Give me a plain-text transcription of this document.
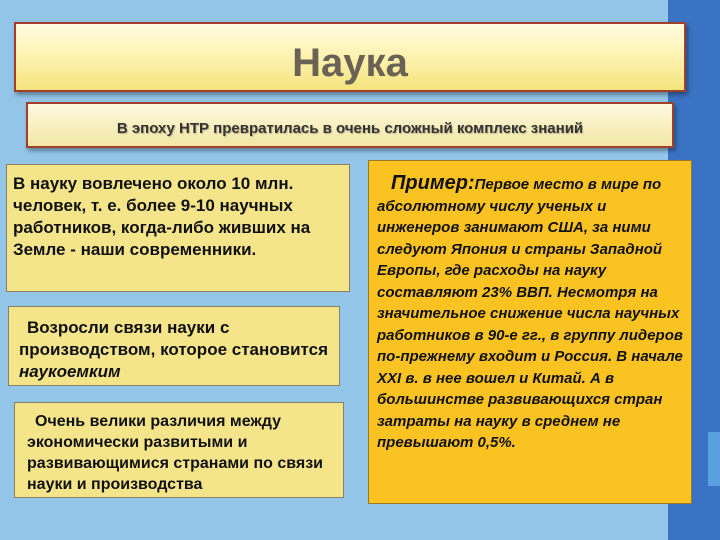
Наука
В эпоху НТР превратилась в очень сложный комплекс знаний
В науку вовлечено около 10 млн. человек, т. е. более 9-10 научных работников, когда-либо живших на Земле - наши современники.
Возросли связи науки с производством, которое становится наукоемким
Очень велики различия между экономически развитыми и развивающимися странами по связи науки и производства
Пример:Первое место в мире по абсолютному числу ученых и инженеров занимают США, за ними следуют Япония и страны Западной Европы, где расходы на науку составляют 23% ВВП. Несмотря на значительное снижение числа научных работников в 90-е гг., в группу лидеров по-прежнему входит и Россия. В начале XXI в. в нее вошел и Китай. А в большинстве развивающихся стран затраты на науку в среднем не превышают 0,5%.
